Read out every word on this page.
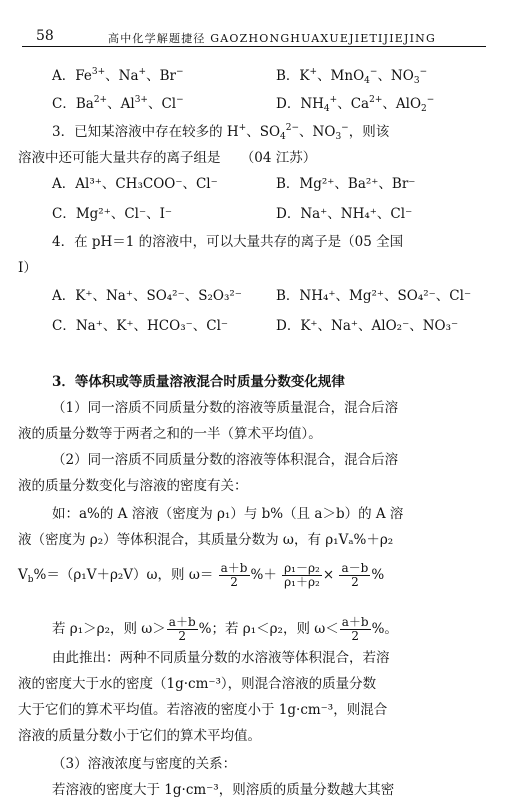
58	高中化学解题捷径 GAOZHONGHUAXUEJIETIJIEJING
A．$Fe^{3+}$、Na+、Br−	B．K+、MnO$_4$−、$NO_3^-$
C．$Ba^{2+}$、$Al^{3+}$、Cl−	D．$NH_4^+$、$Ca^{2+}$、AlO$_2$−
3．已知某溶液中存在较多的 H+、$SO_4^{2-}$、$NO_3^-$，则该
溶液中还可能大量共存的离子组是　　（04 江苏）
A．Al³⁺、CH₃COO⁻、Cl⁻	B．Mg²⁺、Ba²⁺、Br⁻
C．Mg²⁺、Cl⁻、I⁻	D．Na⁺、NH₄⁺、Cl⁻
4．在 pH＝1 的溶液中，可以大量共存的离子是（05 全国
Ⅰ）
A．K⁺、Na⁺、SO₄²⁻、S₂O₃²⁻	B．NH₄⁺、Mg²⁺、SO₄²⁻、Cl⁻
C．Na⁺、K⁺、HCO₃⁻、Cl⁻	D．K⁺、Na⁺、AlO₂⁻、NO₃⁻
3．等体积或等质量溶液混合时质量分数变化规律
（1）同一溶质不同质量分数的溶液等质量混合，混合后溶
液的质量分数等于两者之和的一半（算术平均值）。
（2）同一溶质不同质量分数的溶液等体积混合，混合后溶
液的质量分数变化与溶液的密度有关：
如：a%的 A 溶液（密度为 ρ₁）与 b%（且 a＞b）的 A 溶
液（密度为 ρ₂）等体积混合，其质量分数为 ω，有 ρ₁Vₐ%＋ρ₂
$V_b\%=(\rho_1V+\rho_2V)\omega$，则 $\omega= \frac{a+b}{2}$ %＋ $\frac{\text{ρ₁－ρ₂}}{\text{ρ₁＋ρ₂}} \times \frac{a-b}{2}$ %
若 ρ₁＞ρ₂，则 $\omega> \frac{a+b}{2}$ %；若 ρ₁＜ρ₂，则 $\omega< \frac{a+b}{2}$ %。
由此推出：两种不同质量分数的水溶液等体积混合，若溶
液的密度大于水的密度（1g·cm⁻³），则混合溶液的质量分数
大于它们的算术平均值。若溶液的密度小于 1g·cm⁻³，则混合
溶液的质量分数小于它们的算术平均值。
（3）溶液浓度与密度的关系：
若溶液的密度大于 1g·cm⁻³，则溶质的质量分数越大其密
